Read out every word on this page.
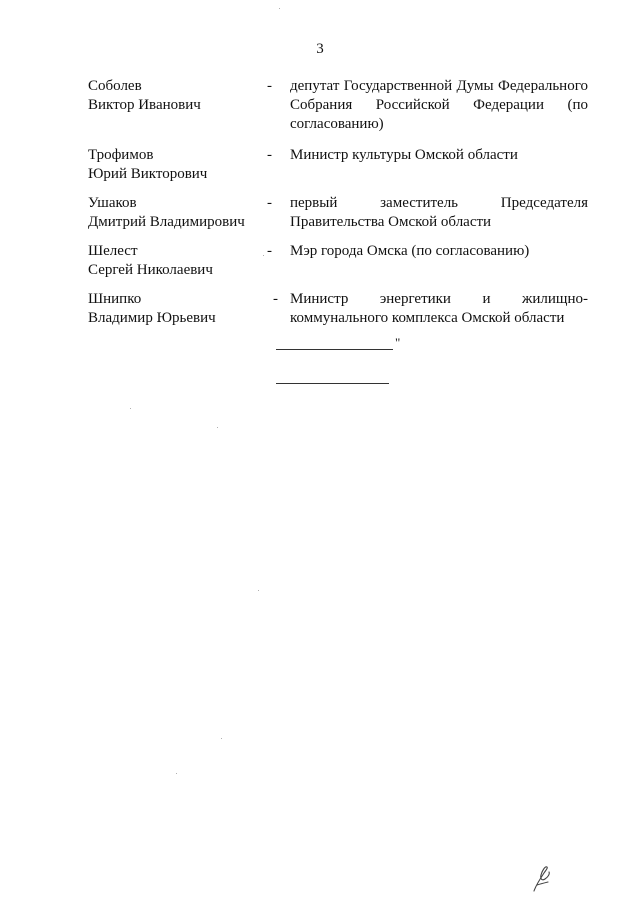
3
Соболев
Виктор Иванович
-	депутат Государственной Думы Федерального Собрания Российской Федерации (по согласованию)
Трофимов
Юрий Викторович
-	Министр культуры Омской области
Ушаков
Дмитрий Владимирович
-	первый заместитель Председателя Правительства Омской области
Шелест
Сергей Николаевич
-	Мэр города Омска (по согласованию)
Шнипко
Владимир Юрьевич
- Министр энергетики и жилищно-коммунального комплекса Омской области
"
